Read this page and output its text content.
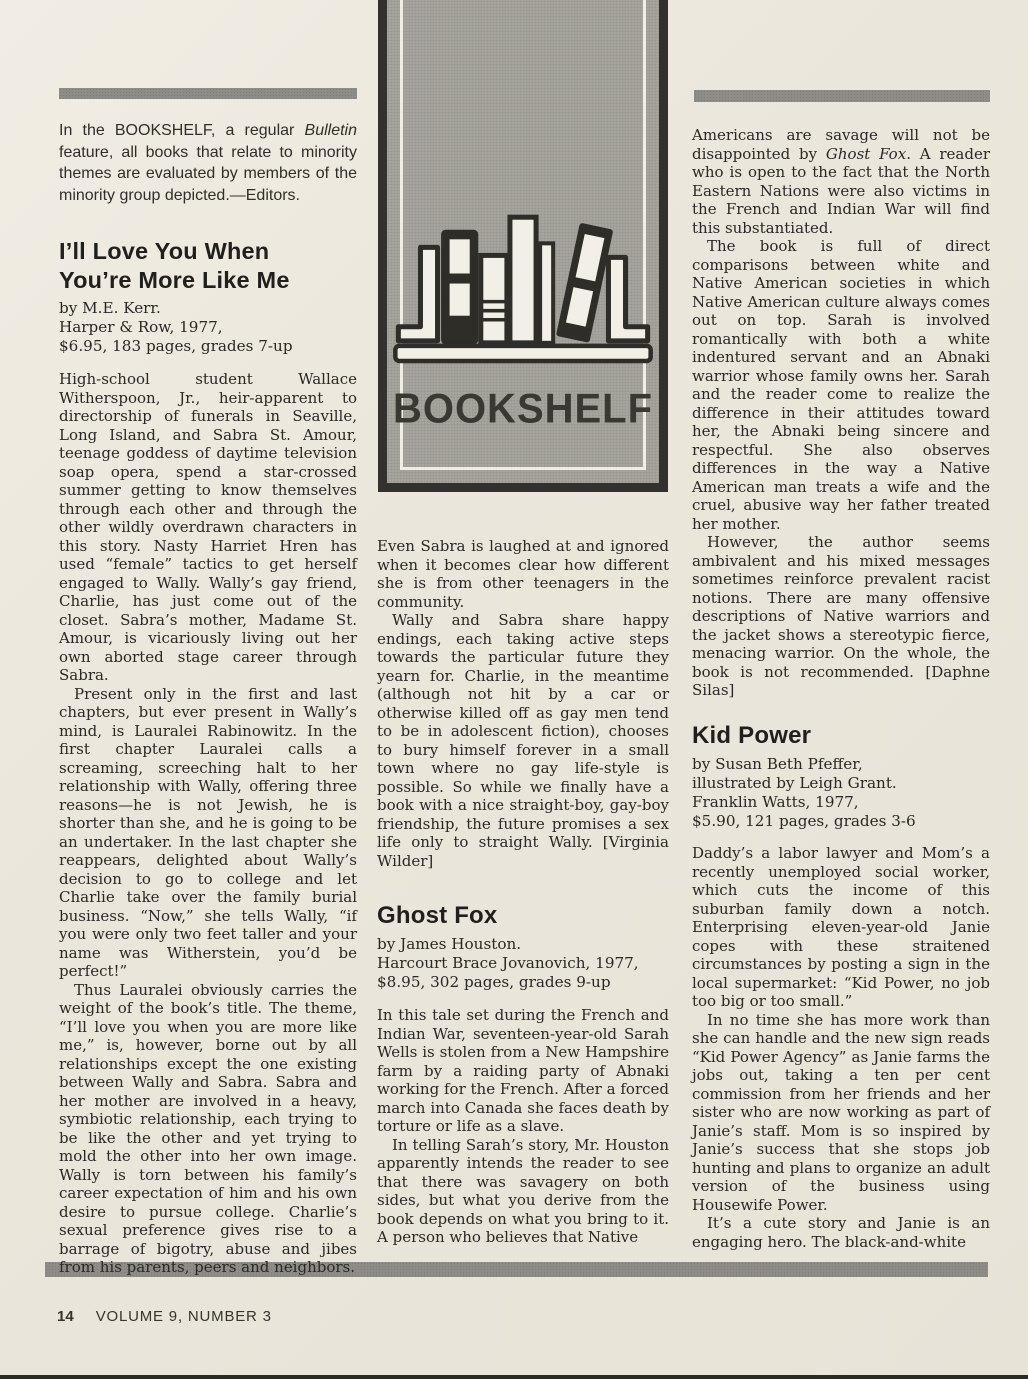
In the BOOKSHELF, a regular Bulletin feature, all books that relate to minority themes are evaluated by members of the minority group depicted.—Editors.
I’ll Love You When
You’re More Like Me
by M.E. Kerr.
Harper & Row, 1977,
$6.95, 183 pages, grades 7-up

High-school student Wallace Witherspoon, Jr., heir-apparent to directorship of funerals in Seaville, Long Island, and Sabra St. Amour, teenage goddess of daytime television soap opera, spend a star-crossed summer getting to know themselves through each other and through the other wildly overdrawn characters in this story. Nasty Harriet Hren has used “female” tactics to get herself engaged to Wally. Wally’s gay friend, Charlie, has just come out of the closet. Sabra’s mother, Madame St. Amour, is vicariously living out her own aborted stage career through Sabra.

Present only in the first and last chapters, but ever present in Wally’s mind, is Lauralei Rabinowitz. In the first chapter Lauralei calls a screaming, screeching halt to her relationship with Wally, offering three reasons—he is not Jewish, he is shorter than she, and he is going to be an undertaker. In the last chapter she reappears, delighted about Wally’s decision to go to college and let Charlie take over the family burial business. “Now,” she tells Wally, “if you were only two feet taller and your name was Witherstein, you’d be perfect!”

Thus Lauralei obviously carries the weight of the book’s title. The theme, “I’ll love you when you are more like me,” is, however, borne out by all relationships except the one existing between Wally and Sabra. Sabra and her mother are involved in a heavy, symbiotic relationship, each trying to be like the other and yet trying to mold the other into her own image. Wally is torn between his family’s career expectation of him and his own desire to pursue college. Charlie’s sexual preference gives rise to a barrage of bigotry, abuse and jibes from his parents, peers and neighbors.

BOOKSHELF

Even Sabra is laughed at and ignored when it becomes clear how different she is from other teenagers in the community.

Wally and Sabra share happy endings, each taking active steps towards the particular future they yearn for. Charlie, in the meantime (although not hit by a car or otherwise killed off as gay men tend to be in adolescent fiction), chooses to bury himself forever in a small town where no gay life-style is possible. So while we finally have a book with a nice straight-boy, gay-boy friendship, the future promises a sex life only to straight Wally. [Virginia Wilder]

Ghost Fox
by James Houston.
Harcourt Brace Jovanovich, 1977,
$8.95, 302 pages, grades 9-up

In this tale set during the French and Indian War, seventeen-year-old Sarah Wells is stolen from a New Hampshire farm by a raiding party of Abnaki working for the French. After a forced march into Canada she faces death by torture or life as a slave.

In telling Sarah’s story, Mr. Houston apparently intends the reader to see that there was savagery on both sides, but what you derive from the book depends on what you bring to it. A person who believes that Native

Americans are savage will not be disappointed by Ghost Fox. A reader who is open to the fact that the North Eastern Nations were also victims in the French and Indian War will find this substantiated.

The book is full of direct comparisons between white and Native American societies in which Native American culture always comes out on top. Sarah is involved romantically with both a white indentured servant and an Abnaki warrior whose family owns her. Sarah and the reader come to realize the difference in their attitudes toward her, the Abnaki being sincere and respectful. She also observes differences in the way a Native American man treats a wife and the cruel, abusive way her father treated her mother.

However, the author seems ambivalent and his mixed messages sometimes reinforce prevalent racist notions. There are many offensive descriptions of Native warriors and the jacket shows a stereotypic fierce, menacing warrior. On the whole, the book is not recommended. [Daphne Silas]

Kid Power
by Susan Beth Pfeffer,
illustrated by Leigh Grant.
Franklin Watts, 1977,
$5.90, 121 pages, grades 3-6

Daddy’s a labor lawyer and Mom’s a recently unemployed social worker, which cuts the income of this suburban family down a notch. Enterprising eleven-year-old Janie copes with these straitened circumstances by posting a sign in the local supermarket: “Kid Power, no job too big or too small.”

In no time she has more work than she can handle and the new sign reads “Kid Power Agency” as Janie farms the jobs out, taking a ten per cent commission from her friends and her sister who are now working as part of Janie’s staff. Mom is so inspired by Janie’s success that she stops job hunting and plans to organize an adult version of the business using Housewife Power.

It’s a cute story and Janie is an engaging hero. The black-and-white

14 VOLUME 9, NUMBER 3
